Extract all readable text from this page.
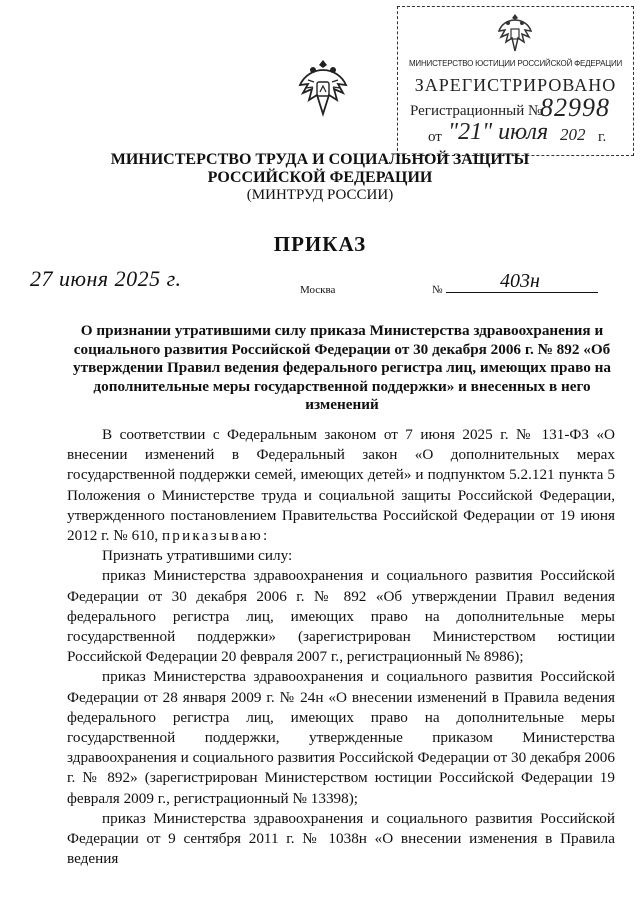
МИНИСТЕРСТВО ЮСТИЦИИ РОССИЙСКОЙ ФЕДЕРАЦИИ
ЗАРЕГИСТРИРОВАНО
Регистрационный №
82998
от "21" июля 202 г.
МИНИСТЕРСТВО ТРУДА И СОЦИАЛЬНОЙ ЗАЩИТЫ
РОССИЙСКОЙ ФЕДЕРАЦИИ
(МИНТРУД РОССИИ)
ПРИКАЗ
27 июня 2025 г.	Москва	№	403н
О признании утратившими силу приказа Министерства здравоохранения и социального развития Российской Федерации от 30 декабря 2006 г. № 892 «Об утверждении Правил ведения федерального регистра лиц, имеющих право на дополнительные меры государственной поддержки» и внесенных в него изменений

В соответствии с Федеральным законом от 7 июня 2025 г. № 131-ФЗ «О внесении изменений в Федеральный закон «О дополнительных мерах государственной поддержки семей, имеющих детей» и подпунктом 5.2.121 пункта 5 Положения о Министерстве труда и социальной защиты Российской Федерации, утвержденного постановлением Правительства Российской Федерации от 19 июня 2012 г. № 610, приказываю:

Признать утратившими силу:

приказ Министерства здравоохранения и социального развития Российской Федерации от 30 декабря 2006 г. № 892 «Об утверждении Правил ведения федерального регистра лиц, имеющих право на дополнительные меры государственной поддержки» (зарегистрирован Министерством юстиции Российской Федерации 20 февраля 2007 г., регистрационный № 8986);

приказ Министерства здравоохранения и социального развития Российской Федерации от 28 января 2009 г. № 24н «О внесении изменений в Правила ведения федерального регистра лиц, имеющих право на дополнительные меры государственной поддержки, утвержденные приказом Министерства здравоохранения и социального развития Российской Федерации от 30 декабря 2006 г. № 892» (зарегистрирован Министерством юстиции Российской Федерации 19 февраля 2009 г., регистрационный № 13398);

приказ Министерства здравоохранения и социального развития Российской Федерации от 9 сентября 2011 г. № 1038н «О внесении изменения в Правила ведения
